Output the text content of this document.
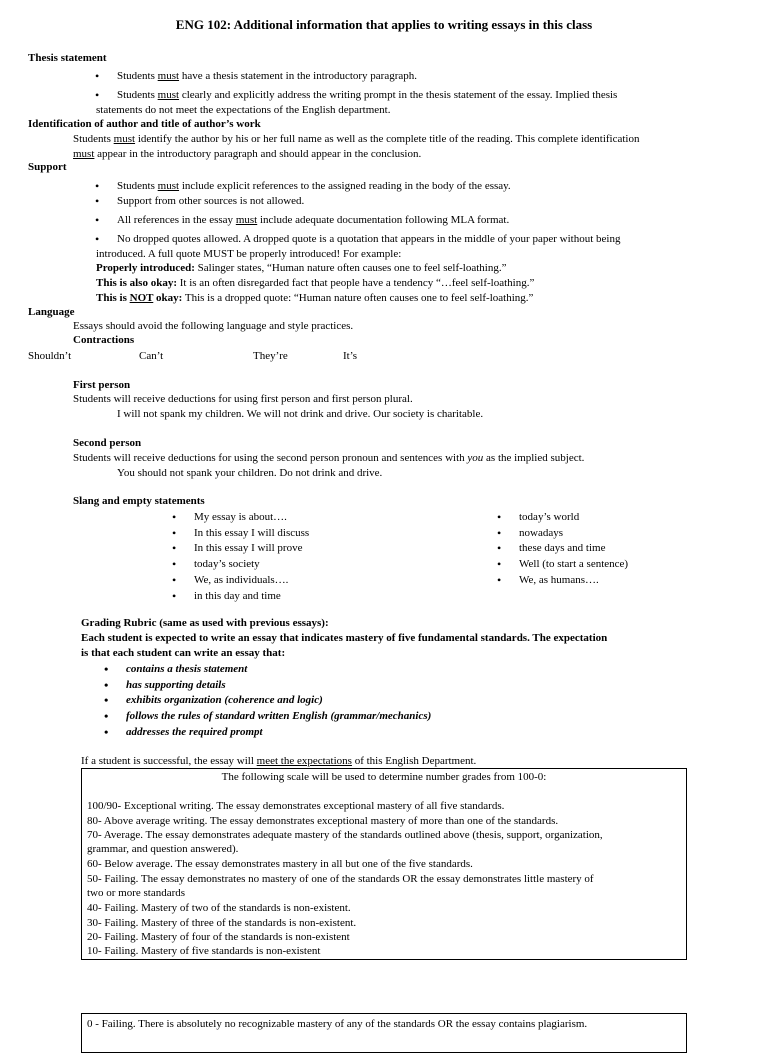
ENG 102: Additional information that applies to writing essays in this class
Thesis statement
• Students must have a thesis statement in the introductory paragraph.
• Students must clearly and explicitly address the writing prompt in the thesis statement of the essay. Implied thesis
statements do not meet the expectations of the English department.
Identification of author and title of author’s work
Students must identify the author by his or her full name as well as the complete title of the reading. This complete identification
must appear in the introductory paragraph and should appear in the conclusion.
Support
• Students must include explicit references to the assigned reading in the body of the essay.
• Support from other sources is not allowed.
• All references in the essay must include adequate documentation following MLA format.
• No dropped quotes allowed. A dropped quote is a quotation that appears in the middle of your paper without being
introduced. A full quote MUST be properly introduced! For example:
Properly introduced: Salinger states, “Human nature often causes one to feel self-loathing.”
This is also okay: It is an often disregarded fact that people have a tendency “…feel self-loathing.”
This is NOT okay: This is a dropped quote: “Human nature often causes one to feel self-loathing.”
Language
Essays should avoid the following language and style practices.
Contractions
Shouldn’t	Can’t	They’re	It’s
First person
Students will receive deductions for using first person and first person plural.
I will not spank my children. We will not drink and drive. Our society is charitable.
Second person
Students will receive deductions for using the second person pronoun and sentences with you as the implied subject.
You should not spank your children. Do not drink and drive.
Slang and empty statements
• My essay is about….
• In this essay I will discuss
• In this essay I will prove
• today’s society
• We, as individuals….
• in this day and time
• today’s world
• nowadays
• these days and time
• Well (to start a sentence)
• We, as humans….
Grading Rubric (same as used with previous essays):
Each student is expected to write an essay that indicates mastery of five fundamental standards. The expectation
is that each student can write an essay that:
• contains a thesis statement
• has supporting details
• exhibits organization (coherence and logic)
• follows the rules of standard written English (grammar/mechanics)
• addresses the required prompt
If a student is successful, the essay will meet the expectations of this English Department.
The following scale will be used to determine number grades from 100-0:
100/90- Exceptional writing. The essay demonstrates exceptional mastery of all five standards.
80- Above average writing. The essay demonstrates exceptional mastery of more than one of the standards.
70- Average. The essay demonstrates adequate mastery of the standards outlined above (thesis, support, organization,
grammar, and question answered).
60- Below average. The essay demonstrates mastery in all but one of the five standards.
50- Failing. The essay demonstrates no mastery of one of the standards OR the essay demonstrates little mastery of
two or more standards
40- Failing. Mastery of two of the standards is non-existent.
30- Failing. Mastery of three of the standards is non-existent.
20- Failing. Mastery of four of the standards is non-existent
10- Failing. Mastery of five standards is non-existent
0 - Failing. There is absolutely no recognizable mastery of any of the standards OR the essay contains plagiarism.
